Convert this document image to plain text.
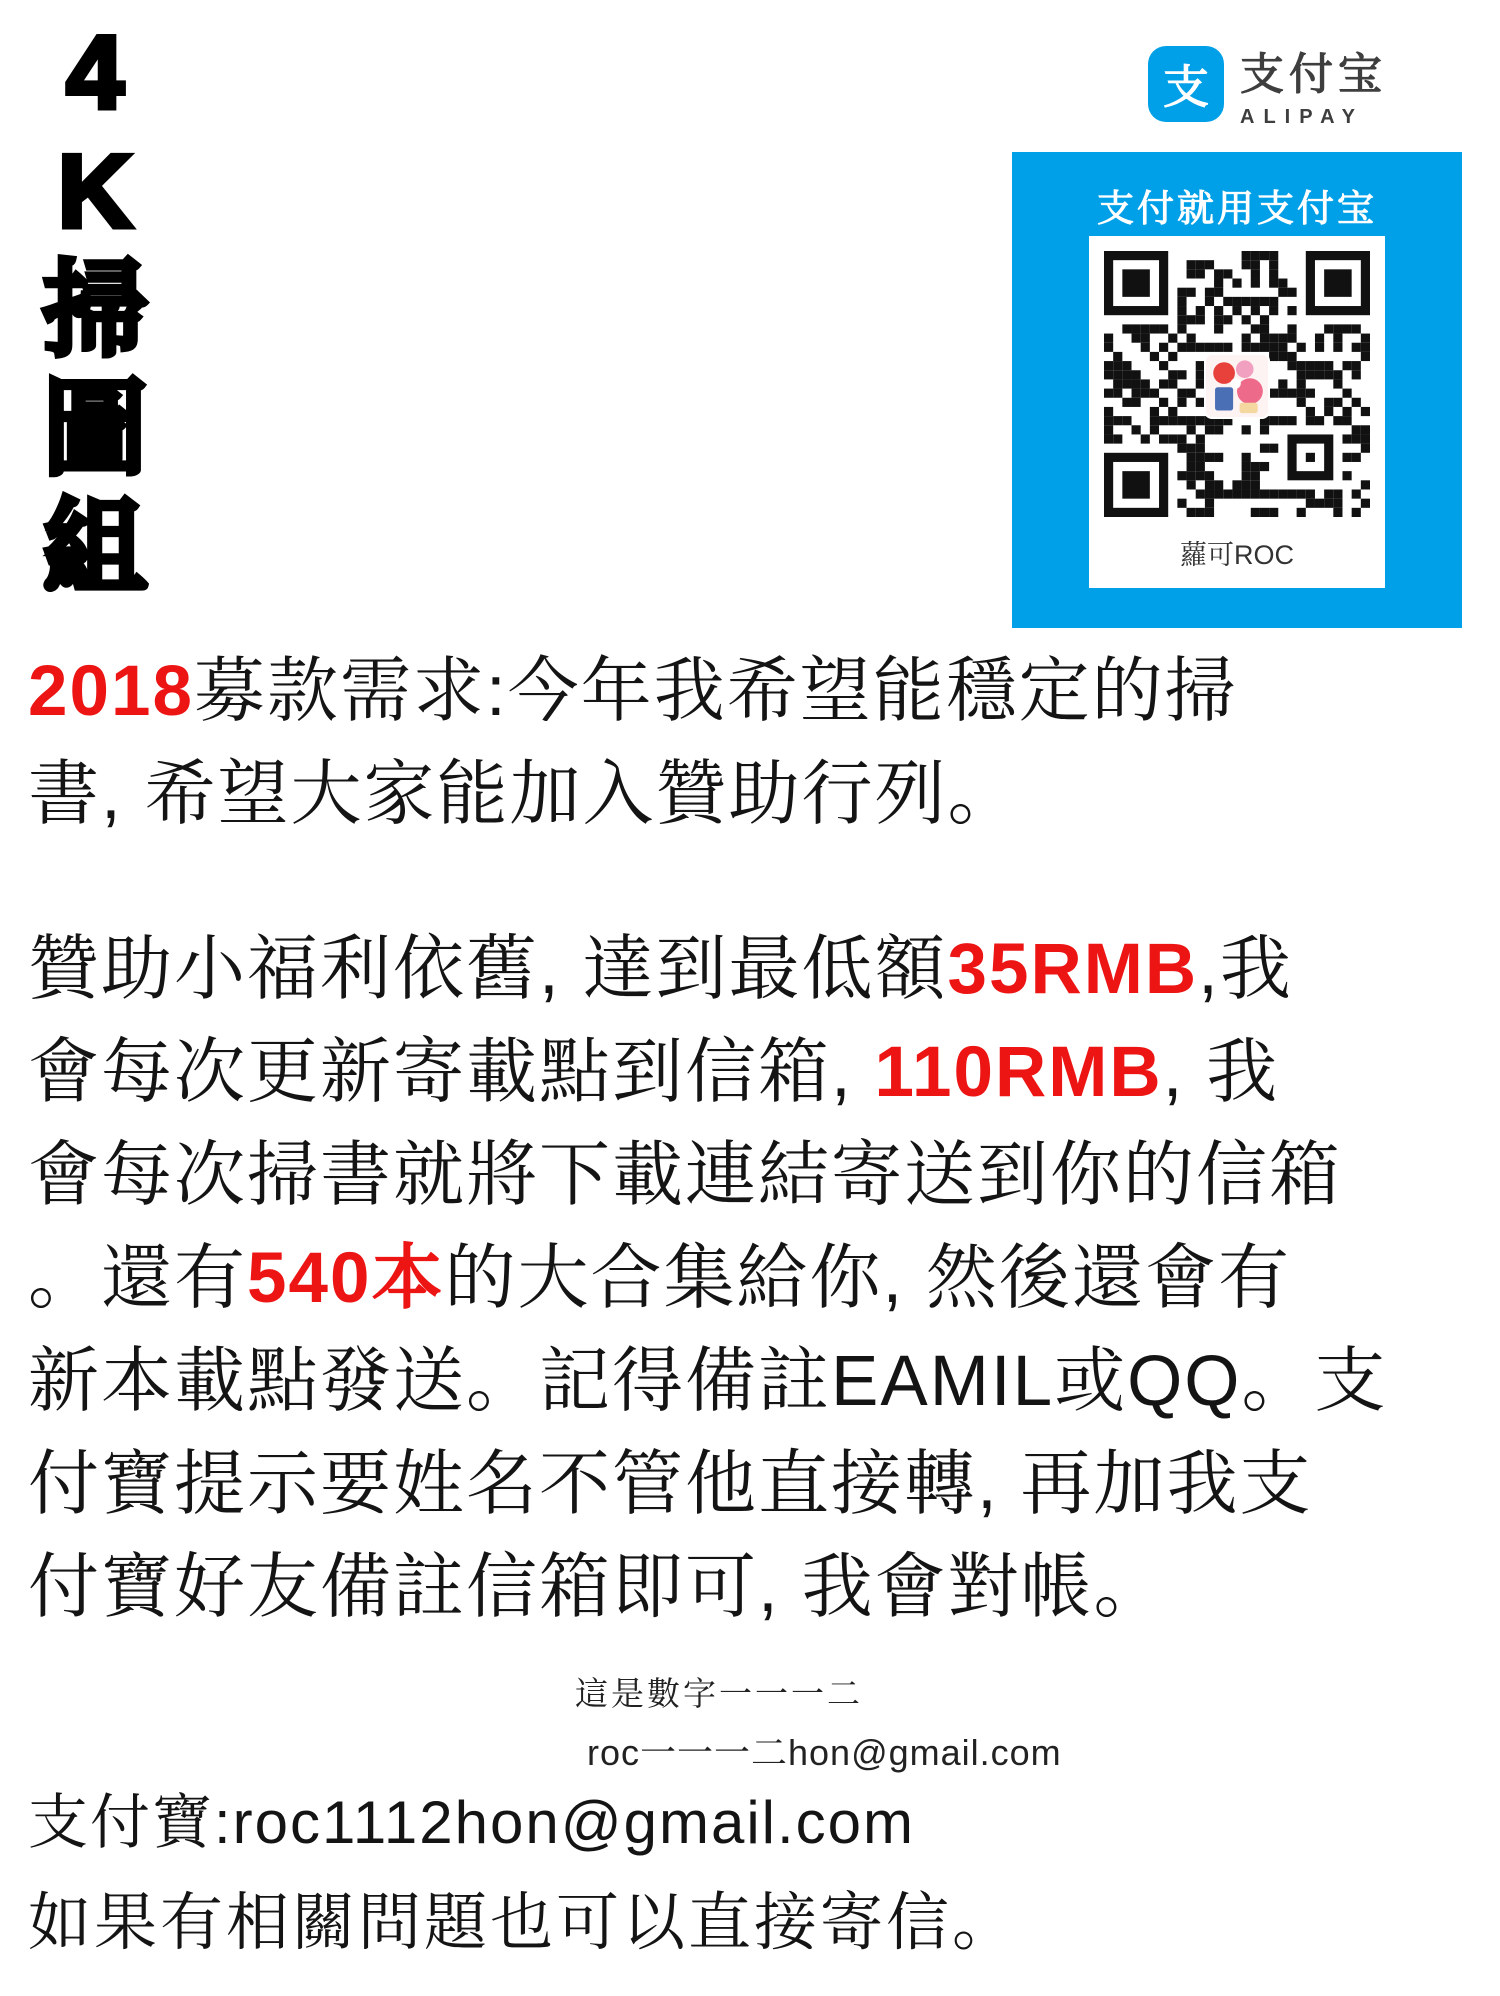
4
K
掃
圖
組
支 支付宝
ALIPAY
支付就用支付宝
蘿可ROC
2018募款需求:今年我希望能穩定的掃
書, 希望大家能加入贊助行列。
贊助小福利依舊, 達到最低額35RMB,我
會每次更新寄載點到信箱, 110RMB, 我
會每次掃書就將下載連結寄送到你的信箱
。還有540本的大合集給你, 然後還會有
新本載點發送。記得備註EAMIL或QQ。支
付寶提示要姓名不管他直接轉, 再加我支
付寶好友備註信箱即可, 我會對帳。
這是數字一一一二
roc一一一二hon@gmail.com
支付寶:roc1112hon@gmail.com
如果有相關問題也可以直接寄信。
